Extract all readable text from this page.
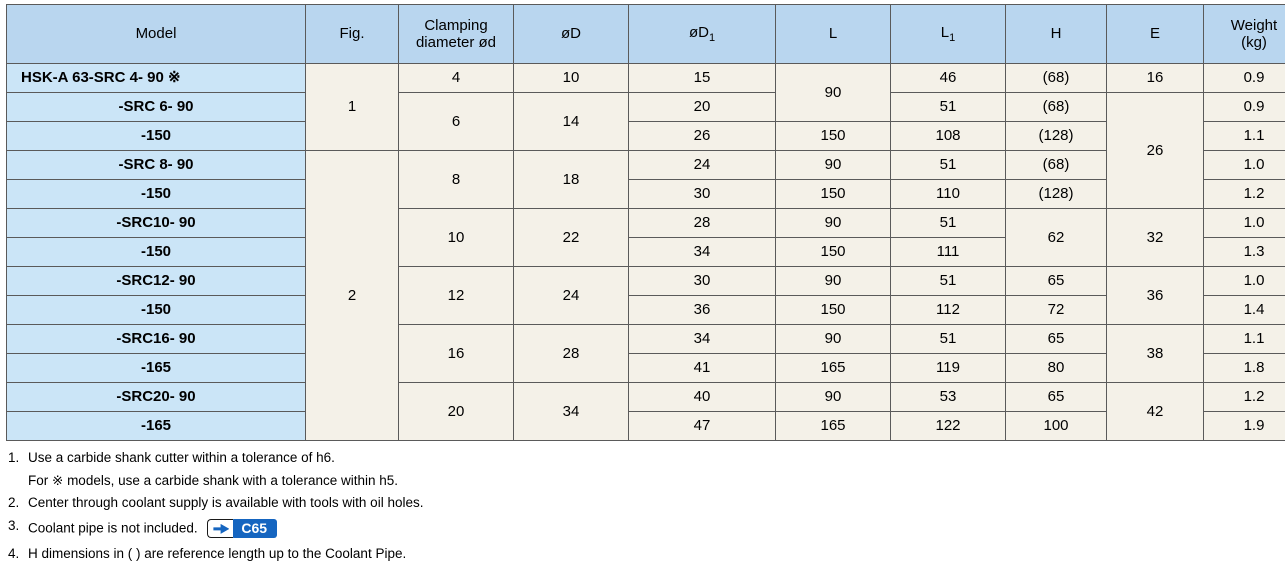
Model	Fig.	Clamping
diameter ød	øD	$øD_1$	L	$L_1$	H	E	Weight
(kg)
HSK-A 63-SRC 4- 90 ※	1	4	10	15	90	46	(68)	16	0.9
-SRC 6- 90		6	14	20		51	(68)	26	0.9
-150				26	150	108	(128)		1.1
-SRC 8- 90	2	8	18	24	90	51	(68)		1.0
-150				30	150	110	(128)		1.2
-SRC10- 90		10	22	28	90	51	62	32	1.0
-150				34	150	111			1.3
-SRC12- 90		12	24	30	90	51	65	36	1.0
-150				36	150	112	72		1.4
-SRC16- 90		16	28	34	90	51	65	38	1.1
-165				41	165	119	80		1.8
-SRC20- 90		20	34	40	90	53	65	42	1.2
-165				47	165	122	100		1.9
1. Use a carbide shank cutter within a tolerance of h6.
For ※ models, use a carbide shank with a tolerance within h5.
2. Center through coolant supply is available with tools with oil holes.
3. Coolant pipe is not included.	C65
4. H dimensions in ( ) are reference length up to the Coolant Pipe.
